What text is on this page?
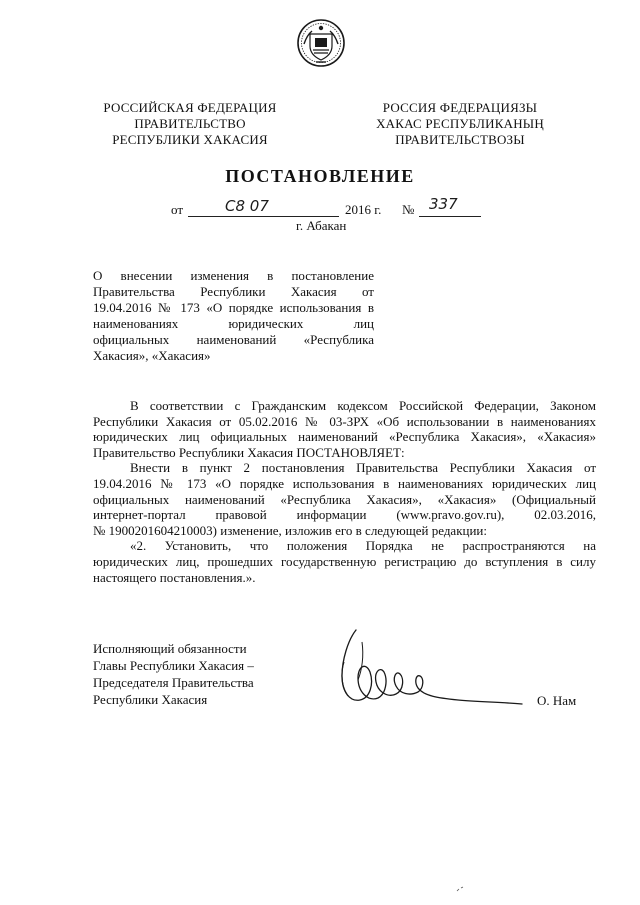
РОССИЙСКАЯ ФЕДЕРАЦИЯ
ПРАВИТЕЛЬСТВО
РЕСПУБЛИКИ ХАКАСИЯ
РОССИЯ ФЕДЕРАЦИЯЗЫ
ХАКАС РЕСПУБЛИКАНЫҢ
ПРАВИТЕЛЬСТВОЗЫ
ПОСТАНОВЛЕНИЕ
от	С8 07	2016 г. № 337
г. Абакан
О внесении изменения в постановление
Правительства Республики Хакасия от
19.04.2016 № 173 «О порядке использования в
наименованиях юридических лиц
официальных наименований «Республика
Хакасия», «Хакасия»
В соответствии с Гражданским кодексом Российской Федерации, Законом
Республики Хакасия от 05.02.2016 № 03-ЗРХ «Об использовании в наименованиях
юридических лиц официальных наименований «Республика Хакасия», «Хакасия»
Правительство Республики Хакасия ПОСТАНОВЛЯЕТ:
Внести в пункт 2 постановления Правительства Республики Хакасия от
19.04.2016 № 173 «О порядке использования в наименованиях юридических лиц
официальных наименований «Республика Хакасия», «Хакасия» (Официальный
интернет-портал правовой информации (www.pravo.gov.ru), 02.03.2016,
№ 1900201604210003) изменение, изложив его в следующей редакции:
«2. Установить, что положения Порядка не распространяются на
юридических лиц, прошедших государственную регистрацию до вступления в силу
настоящего постановления.».
Исполняющий обязанности
Главы Республики Хакасия –
Председателя Правительства
Республики Хакасия	О. Нам
